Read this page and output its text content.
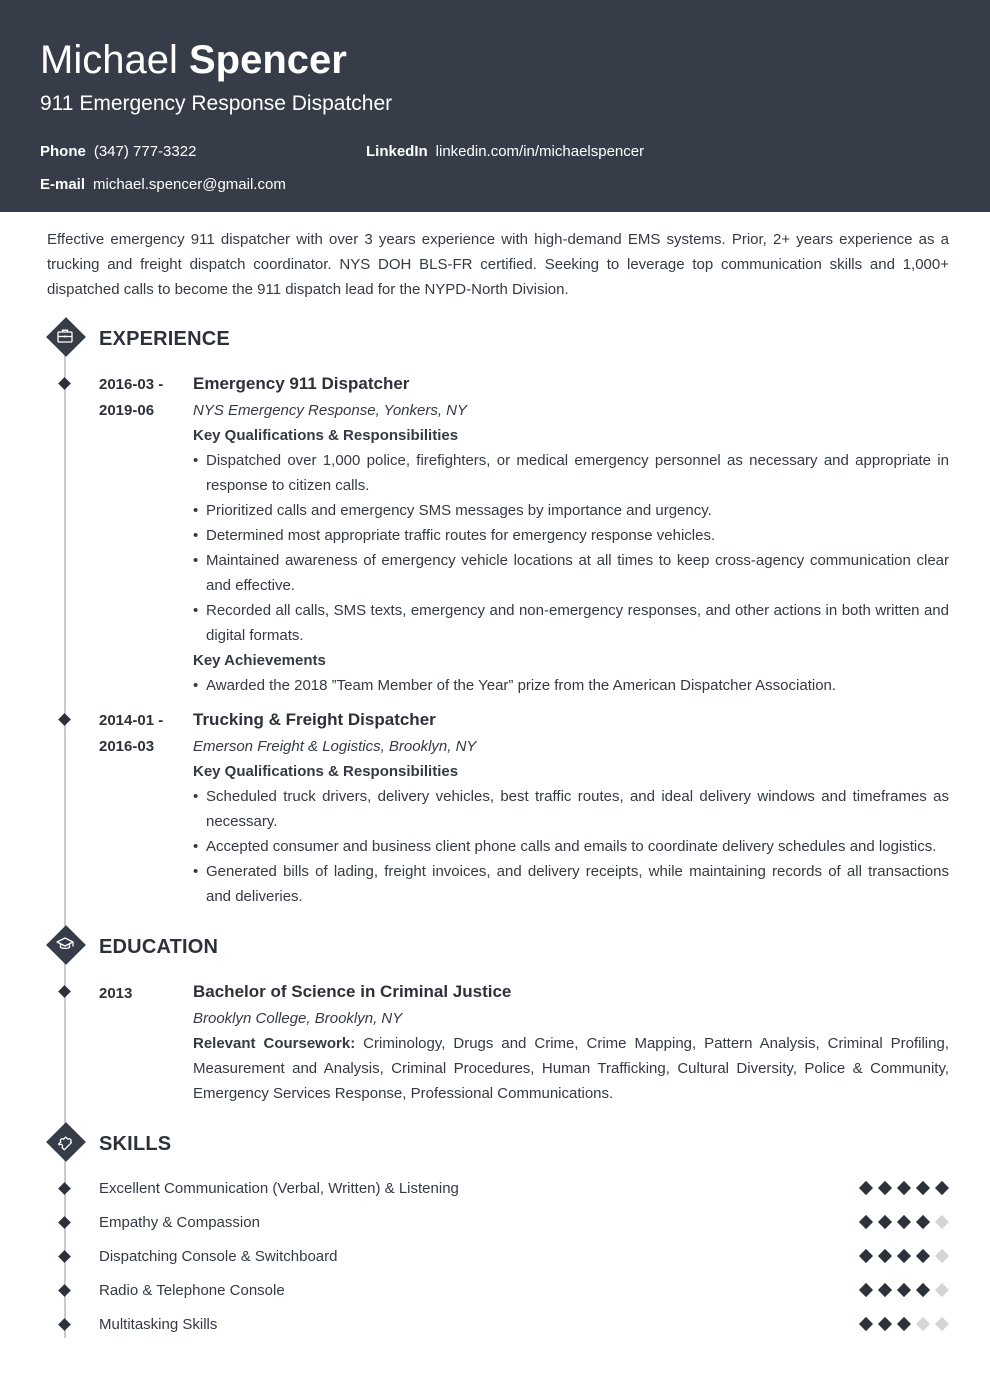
Michael Spencer
911 Emergency Response Dispatcher
Phone (347) 777-3322	LinkedIn linkedin.com/in/michaelspencer
E-mail michael.spencer@gmail.com
Effective emergency 911 dispatcher with over 3 years experience with high-demand EMS systems. Prior, 2+ years experience as a trucking and freight dispatch coordinator. NYS DOH BLS-FR certified. Seeking to leverage top communication skills and 1,000+ dispatched calls to become the 911 dispatch lead for the NYPD-North Division.
EXPERIENCE
2016-03 -
2019-06
Emergency 911 Dispatcher
NYS Emergency Response, Yonkers, NY
Key Qualifications & Responsibilities
• Dispatched over 1,000 police, firefighters, or medical emergency personnel as necessary and appropriate in response to citizen calls.
• Prioritized calls and emergency SMS messages by importance and urgency.
• Determined most appropriate traffic routes for emergency response vehicles.
• Maintained awareness of emergency vehicle locations at all times to keep cross-agency communication clear and effective.
• Recorded all calls, SMS texts, emergency and non-emergency responses, and other actions in both written and digital formats.
Key Achievements
• Awarded the 2018 ”Team Member of the Year” prize from the American Dispatcher Association.
2014-01 -
2016-03
Trucking & Freight Dispatcher
Emerson Freight & Logistics, Brooklyn, NY
Key Qualifications & Responsibilities
• Scheduled truck drivers, delivery vehicles, best traffic routes, and ideal delivery windows and timeframes as necessary.
• Accepted consumer and business client phone calls and emails to coordinate delivery schedules and logistics.
• Generated bills of lading, freight invoices, and delivery receipts, while maintaining records of all transactions and deliveries.
EDUCATION
2013	Bachelor of Science in Criminal Justice
Brooklyn College, Brooklyn, NY
Relevant Coursework: Criminology, Drugs and Crime, Crime Mapping, Pattern Analysis, Criminal Profiling, Measurement and Analysis, Criminal Procedures, Human Trafficking, Cultural Diversity, Police & Community, Emergency Services Response, Professional Communications.
SKILLS
Excellent Communication (Verbal, Written) & Listening
Empathy & Compassion
Dispatching Console & Switchboard
Radio & Telephone Console
Multitasking Skills
